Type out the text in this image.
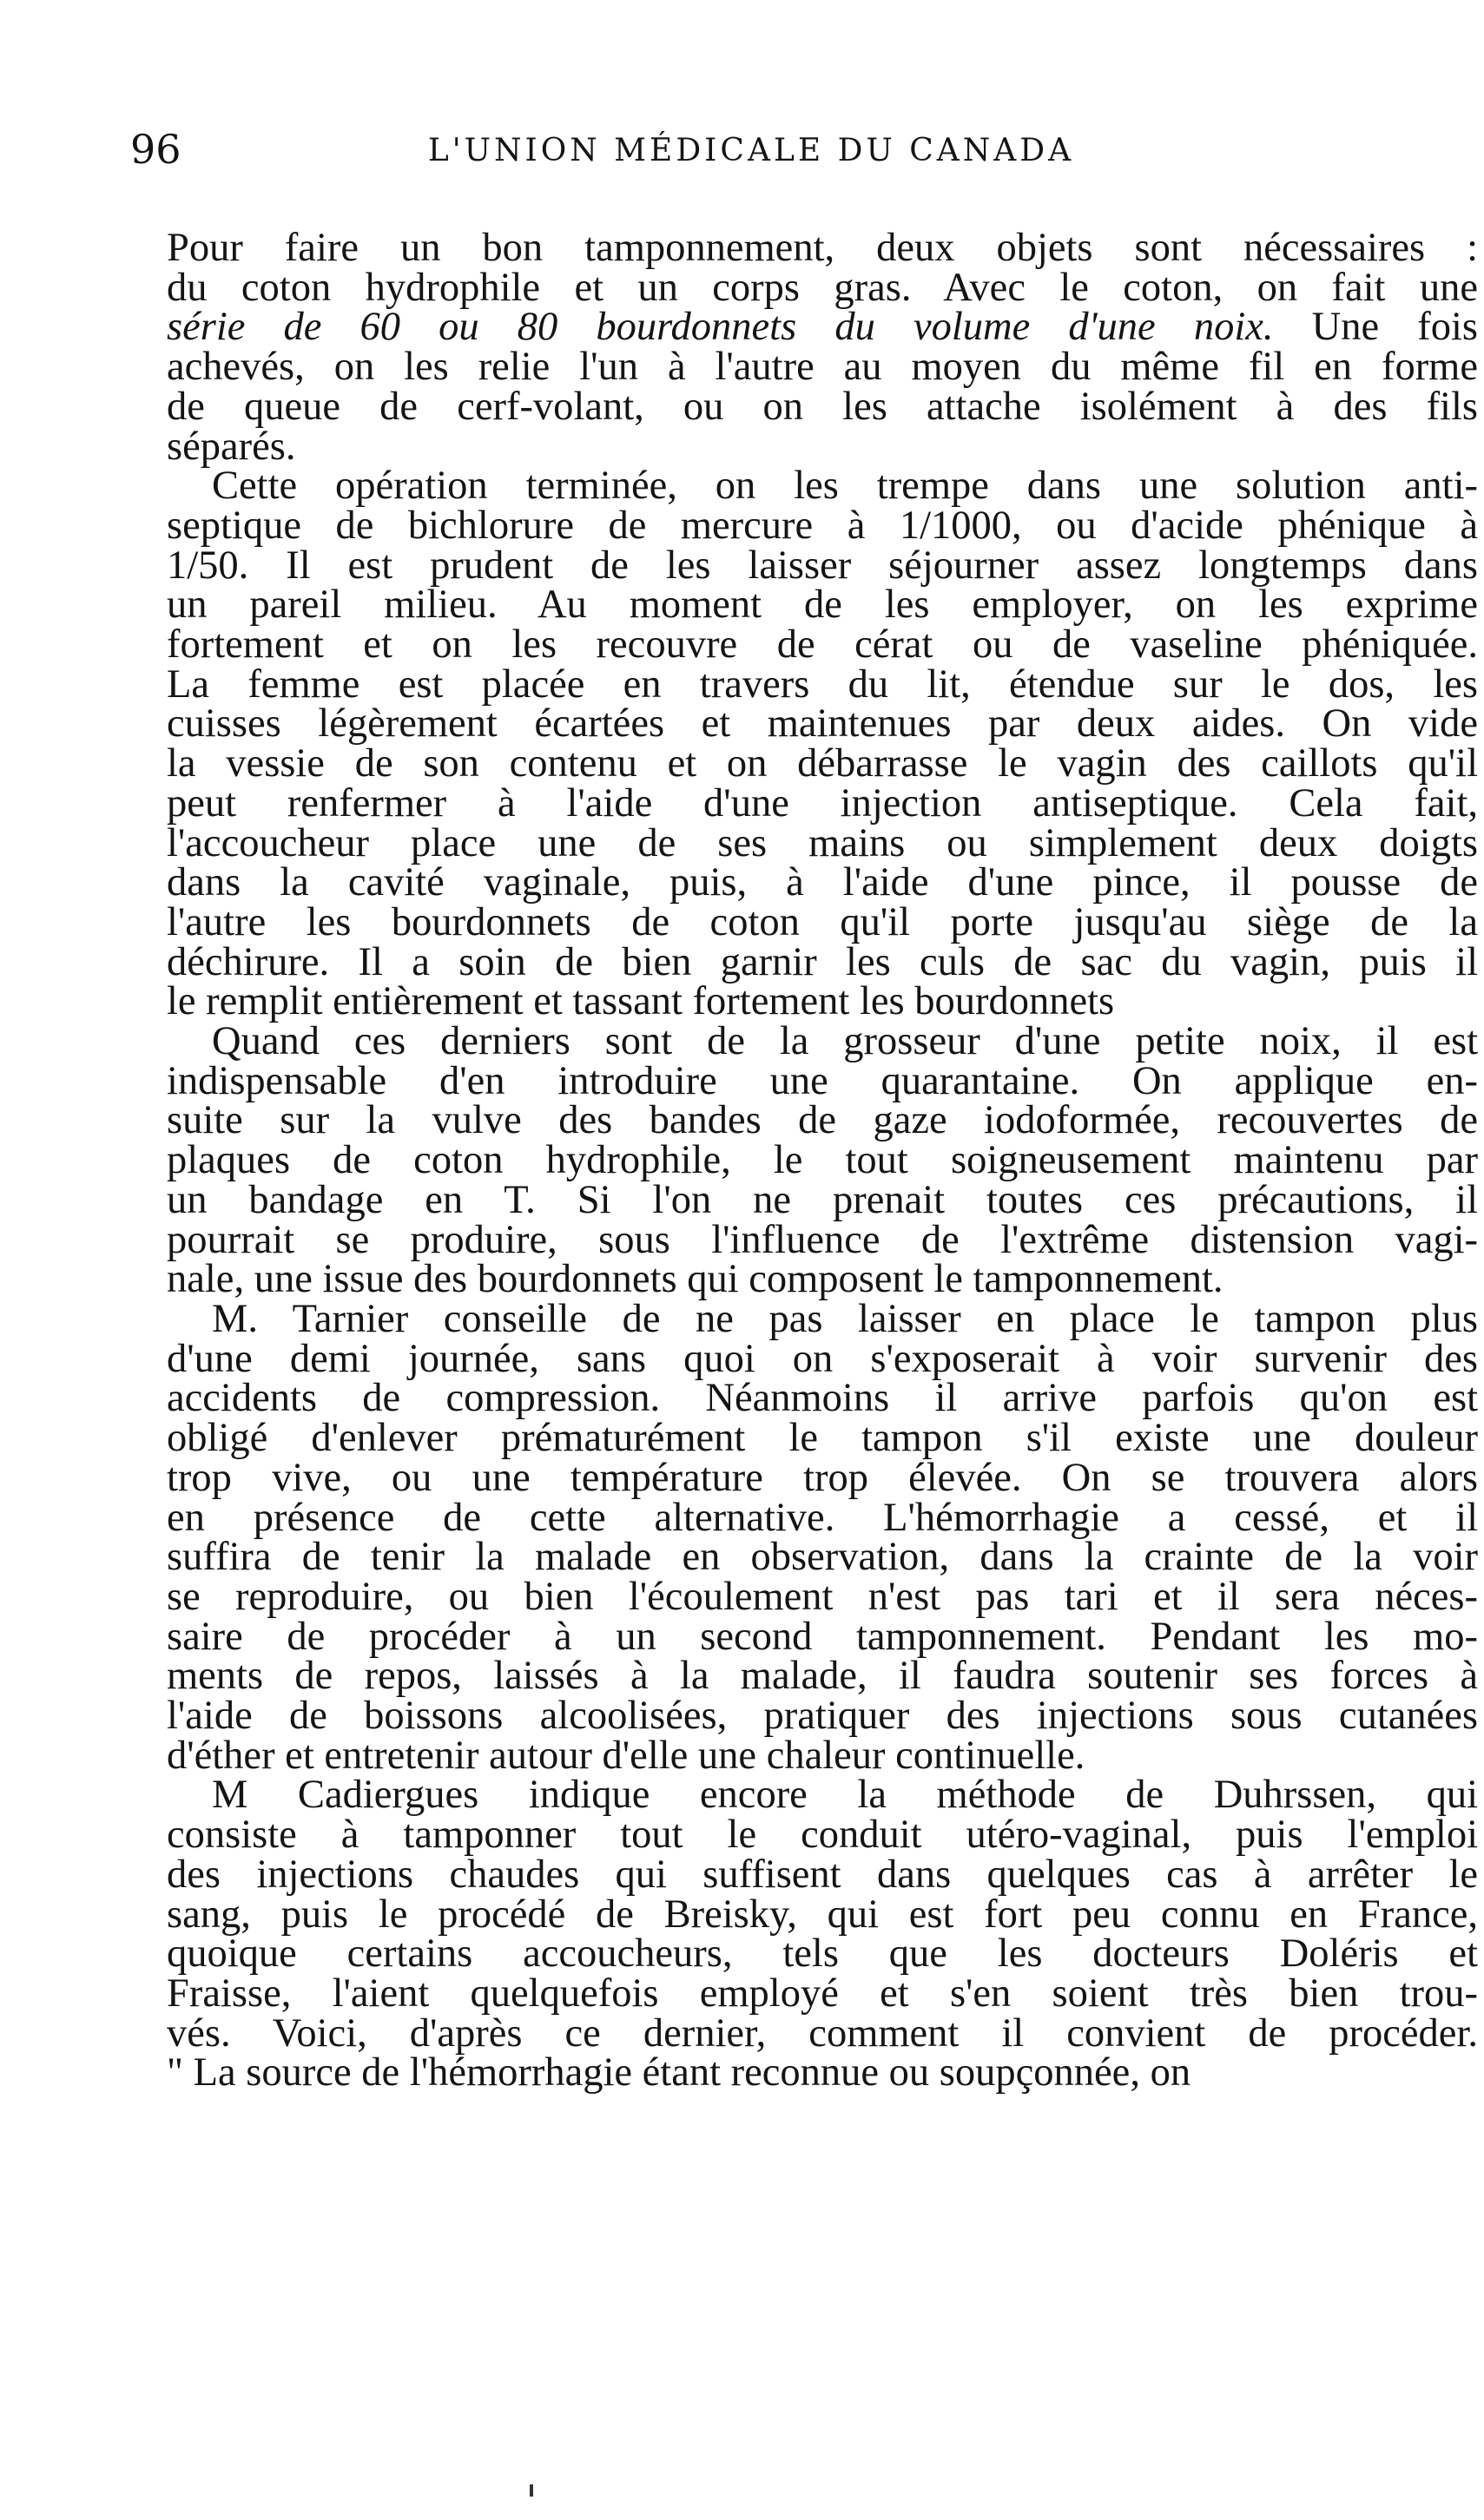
96	L'UNION MÉDICALE DU CANADA

Pour faire un bon tamponnement, deux objets sont nécessaires :
du coton hydrophile et un corps gras. Avec le coton, on fait une
série de 60 ou 80 bourdonnets du volume d'une noix. Une fois
achevés, on les relie l'un à l'autre au moyen du même fil en forme
de queue de cerf-volant, ou on les attache isolément à des fils
séparés.

Cette opération terminée, on les trempe dans une solution anti-
septique de bichlorure de mercure à 1/1000, ou d'acide phénique à
1/50. Il est prudent de les laisser séjourner assez longtemps dans
un pareil milieu. Au moment de les employer, on les exprime
fortement et on les recouvre de cérat ou de vaseline phéniquée.
La femme est placée en travers du lit, étendue sur le dos, les
cuisses légèrement écartées et maintenues par deux aides. On vide
la vessie de son contenu et on débarrasse le vagin des caillots qu'il
peut renfermer à l'aide d'une injection antiseptique. Cela fait,
l'accoucheur place une de ses mains ou simplement deux doigts
dans la cavité vaginale, puis, à l'aide d'une pince, il pousse de
l'autre les bourdonnets de coton qu'il porte jusqu'au siège de la
déchirure. Il a soin de bien garnir les culs de sac du vagin, puis il
le remplit entièrement et tassant fortement les bourdonnets

Quand ces derniers sont de la grosseur d'une petite noix, il est
indispensable d'en introduire une quarantaine. On applique en-
suite sur la vulve des bandes de gaze iodoformée, recouvertes de
plaques de coton hydrophile, le tout soigneusement maintenu par
un bandage en T. Si l'on ne prenait toutes ces précautions, il
pourrait se produire, sous l'influence de l'extrême distension vagi-
nale, une issue des bourdonnets qui composent le tamponnement.

M. Tarnier conseille de ne pas laisser en place le tampon plus
d'une demi journée, sans quoi on s'exposerait à voir survenir des
accidents de compression. Néanmoins il arrive parfois qu'on est
obligé d'enlever prématurément le tampon s'il existe une douleur
trop vive, ou une température trop élevée. On se trouvera alors
en présence de cette alternative. L'hémorrhagie a cessé, et il
suffira de tenir la malade en observation, dans la crainte de la voir
se reproduire, ou bien l'écoulement n'est pas tari et il sera néces-
saire de procéder à un second tamponnement. Pendant les mo-
ments de repos, laissés à la malade, il faudra soutenir ses forces à
l'aide de boissons alcoolisées, pratiquer des injections sous cutanées
d'éther et entretenir autour d'elle une chaleur continuelle.

M Cadiergues indique encore la méthode de Duhrssen, qui
consiste à tamponner tout le conduit utéro-vaginal, puis l'emploi
des injections chaudes qui suffisent dans quelques cas à arrêter le
sang, puis le procédé de Breisky, qui est fort peu connu en France,
quoique certains accoucheurs, tels que les docteurs Doléris et
Fraisse, l'aient quelquefois employé et s'en soient très bien trou-
vés. Voici, d'après ce dernier, comment il convient de procéder.
" La source de l'hémorrhagie étant reconnue ou soupçonnée, on
